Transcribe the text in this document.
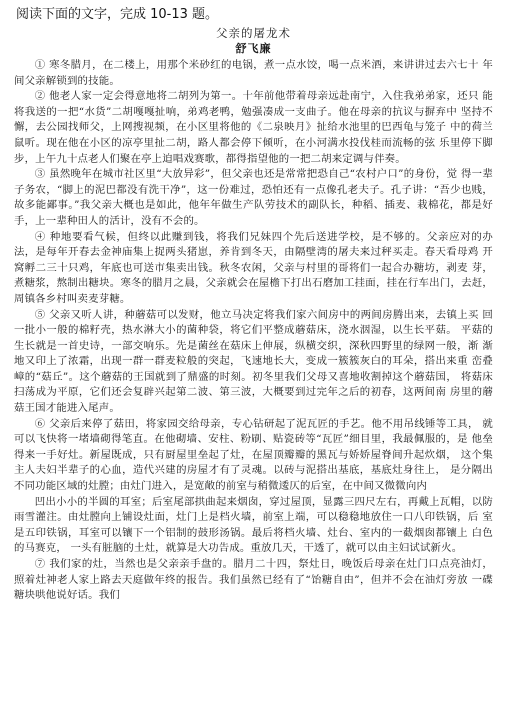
阅读下面的文字，完成 10-13 题。
父亲的屠龙术
舒飞廉

① 寒冬腊月，在二楼上，用那个米砂红的电锅，煮一点水饺，喝一点米酒，来讲讲过去六七十 年间父亲解锁到的技能。

② 他老人家一定会得意地将二胡列为第一。十年前他带着母亲远赴南宁，入住我弟弟家，还只 能将我送的一把“水货”二胡嘎嘎扯响，弟鸡老鸭，勉强凑成一支曲子。他在母亲的抗议与摒弃中 坚持不懈，去公园找师父，上网搜视频，在小区里将他的《二泉映月》扯给水池里的巴西龟与笼子 中的荷兰鼠听。现在他在小区的凉亭里扯二胡，路人都会停下倾听，在小河满水投伐桂而流畅的弦 乐里停下脚步，上午九十点老人们聚在亭上迫唱戏赛歌，都得指望他的一把二胡来定调与伴奏。

③ 虽然晚年在城市社区里“大放异彩”，但父亲也还是常常把恐自己“农村户口”的身份，觉 得一辈子务农，“脚上的泥巴都没有洗干净”，这一份难过，恐怕还有一点像孔老夫子。孔子讲：“吾少也贱，故多能鄙事。”我父亲大概也是如此，他年年做生产队劳技术的副队长，种稻、插麦、栽棉花，都是好手，上一辈种田人的活计，没有不会的。

④ 种地要看气候，但终以此赚到钱，将我们兄妹四个先后送进学校，是不够的。父亲应对的办 法，是每年开春去金神庙集上捉两头猪崽，养肯到冬天，由隔壁湾的屠夫来过秤买走。春天看母鸡 开窝孵二三十只鸡，年底也可送市集卖出钱。秋冬农闲，父亲与村里的哥将们一起合办糖坊，剥麦 芽，煮糖浆，熬制出糖块。寒冬的腊月之晨，父亲就会在屋檐下打出石磨加工挂面，挂在行车出门，去赶，周镇各乡村叫卖麦芽糖。

⑤ 父亲又听人讲，种蘑菇可以发财，他立马决定将我们家六间房中的两间房腾出来，去镇上买 回一批小一般的棉籽壳，热水淋大小的菌种袋，将它们平整成蘑菇床，浇水洇湿，以生长平菇。 平菇的 生长就是一首史诗，一部交响乐。先是菌丝在菇床上伸展，纵横交织，深秋四野里的绿网一般，渐 渐地又印上了浓霜，出现一群一群麦粒般的突起，飞速地长大，变成一簇簇灰白的耳朵，搭出来重 峦叠嶂的“菇丘”。这个蘑菇的王国就到了鼎盛的时刻。初冬里我们父母又喜地收割掉这个蘑菇国， 将菇床扫荡成为平原，它们还会复辟兴起第二波、第三波，大概要到过完年之后的初春，这两间南 房里的蘑菇王国才能进入尾声。

⑥ 父亲后来停了菇田，将家园交给母亲，专心钻研起了泥瓦匠的手艺。他不用吊线锤等工具， 就可以飞快将一堵墙砌得笔直。在他砌墙、安柱、粉刷、贴瓷砖等“瓦匠”细目里，我最佩服的，是 他垒得来一手好灶。新屋既成，只有厨屋里垒起了灶，在屋顶瓣瓣的黑瓦与娇娇屋脊间升起炊烟， 这个集主人夫妇半辈子的心血，造代兴建的房屋才有了灵魂。以砖与泥搭出基底，基底灶身往上， 是分隔出不同功能区域的灶膛；由灶门进入，是宽敞的前室与稍微逶仄的后室，在中间又微微向内

凹出小小的半圆的耳室；后室尾部拱曲起来烟囱，穿过屋顶，显露三四尺左右，再戴上瓦帽，以防雨雪灌注。由灶膛向上铺设灶面，灶门上是档火墙，前室上端，可以稳稳地放住一口八印铁锅，后 室是五印铁锅，耳室可以镶下一个铝制的鼓形汤锅。最后将档火墙、灶台、室内的一截烟囱都镶上 白色的马赛克， 一头有脏脑的土灶，就算是大功告成。重放几天，干透了，就可以由主妇试试新火。

⑦ 我们家的灶，当然也是父亲亲手盘的。腊月二十四，祭灶日，晚饭后母亲在灶门口点亮油灯， 照着灶神老人家上路去天庭做年终的报告。我们虽然已经有了“饴糖自由”，但并不会在油灯旁放 一碟糖块哄他说好话。我们
